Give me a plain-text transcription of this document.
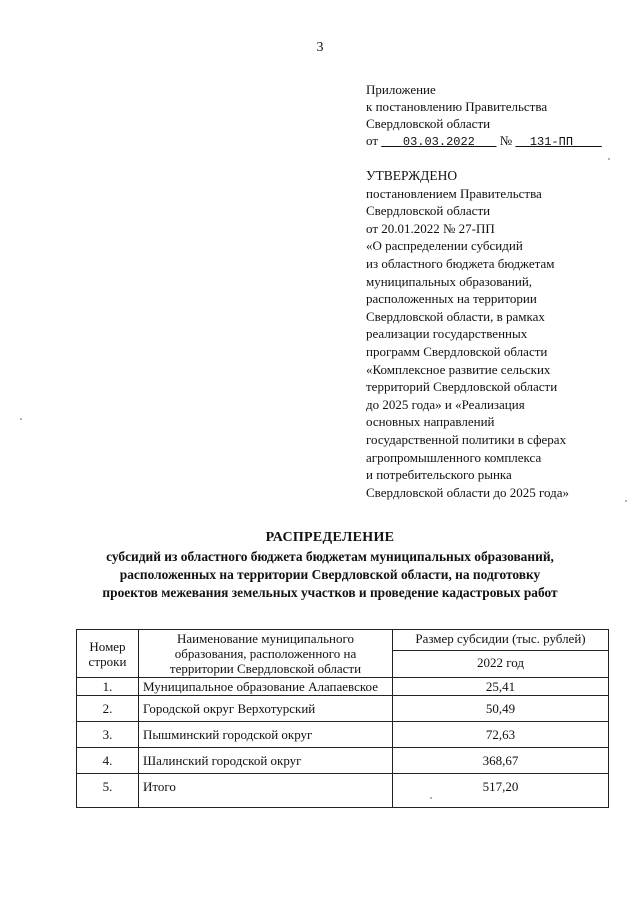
3
Приложение
к постановлению Правительства
Свердловской области
от 03.03.2022 № 131-ПП
УТВЕРЖДЕНО
постановлением Правительства
Свердловской области
от 20.01.2022 № 27-ПП
«О распределении субсидий
из областного бюджета бюджетам
муниципальных образований,
расположенных на территории
Свердловской области, в рамках
реализации государственных
программ Свердловской области
«Комплексное развитие сельских
территорий Свердловской области
до 2025 года» и «Реализация
основных направлений
государственной политики в сферах
агропромышленного комплекса
и потребительского рынка
Свердловской области до 2025 года»
РАСПРЕДЕЛЕНИЕ
субсидий из областного бюджета бюджетам муниципальных образований,
расположенных на территории Свердловской области, на подготовку
проектов межевания земельных участков и проведение кадастровых работ
Номер строки	Наименование муниципального образования, расположенного на территории Свердловской области	Размер субсидии (тыс. рублей)
		2022 год
1.	Муниципальное образование Алапаевское	25,41
2.	Городской округ Верхотурский	50,49
3.	Пышминский городской округ	72,63
4.	Шалинский городской округ	368,67
5.	Итого	517,20
